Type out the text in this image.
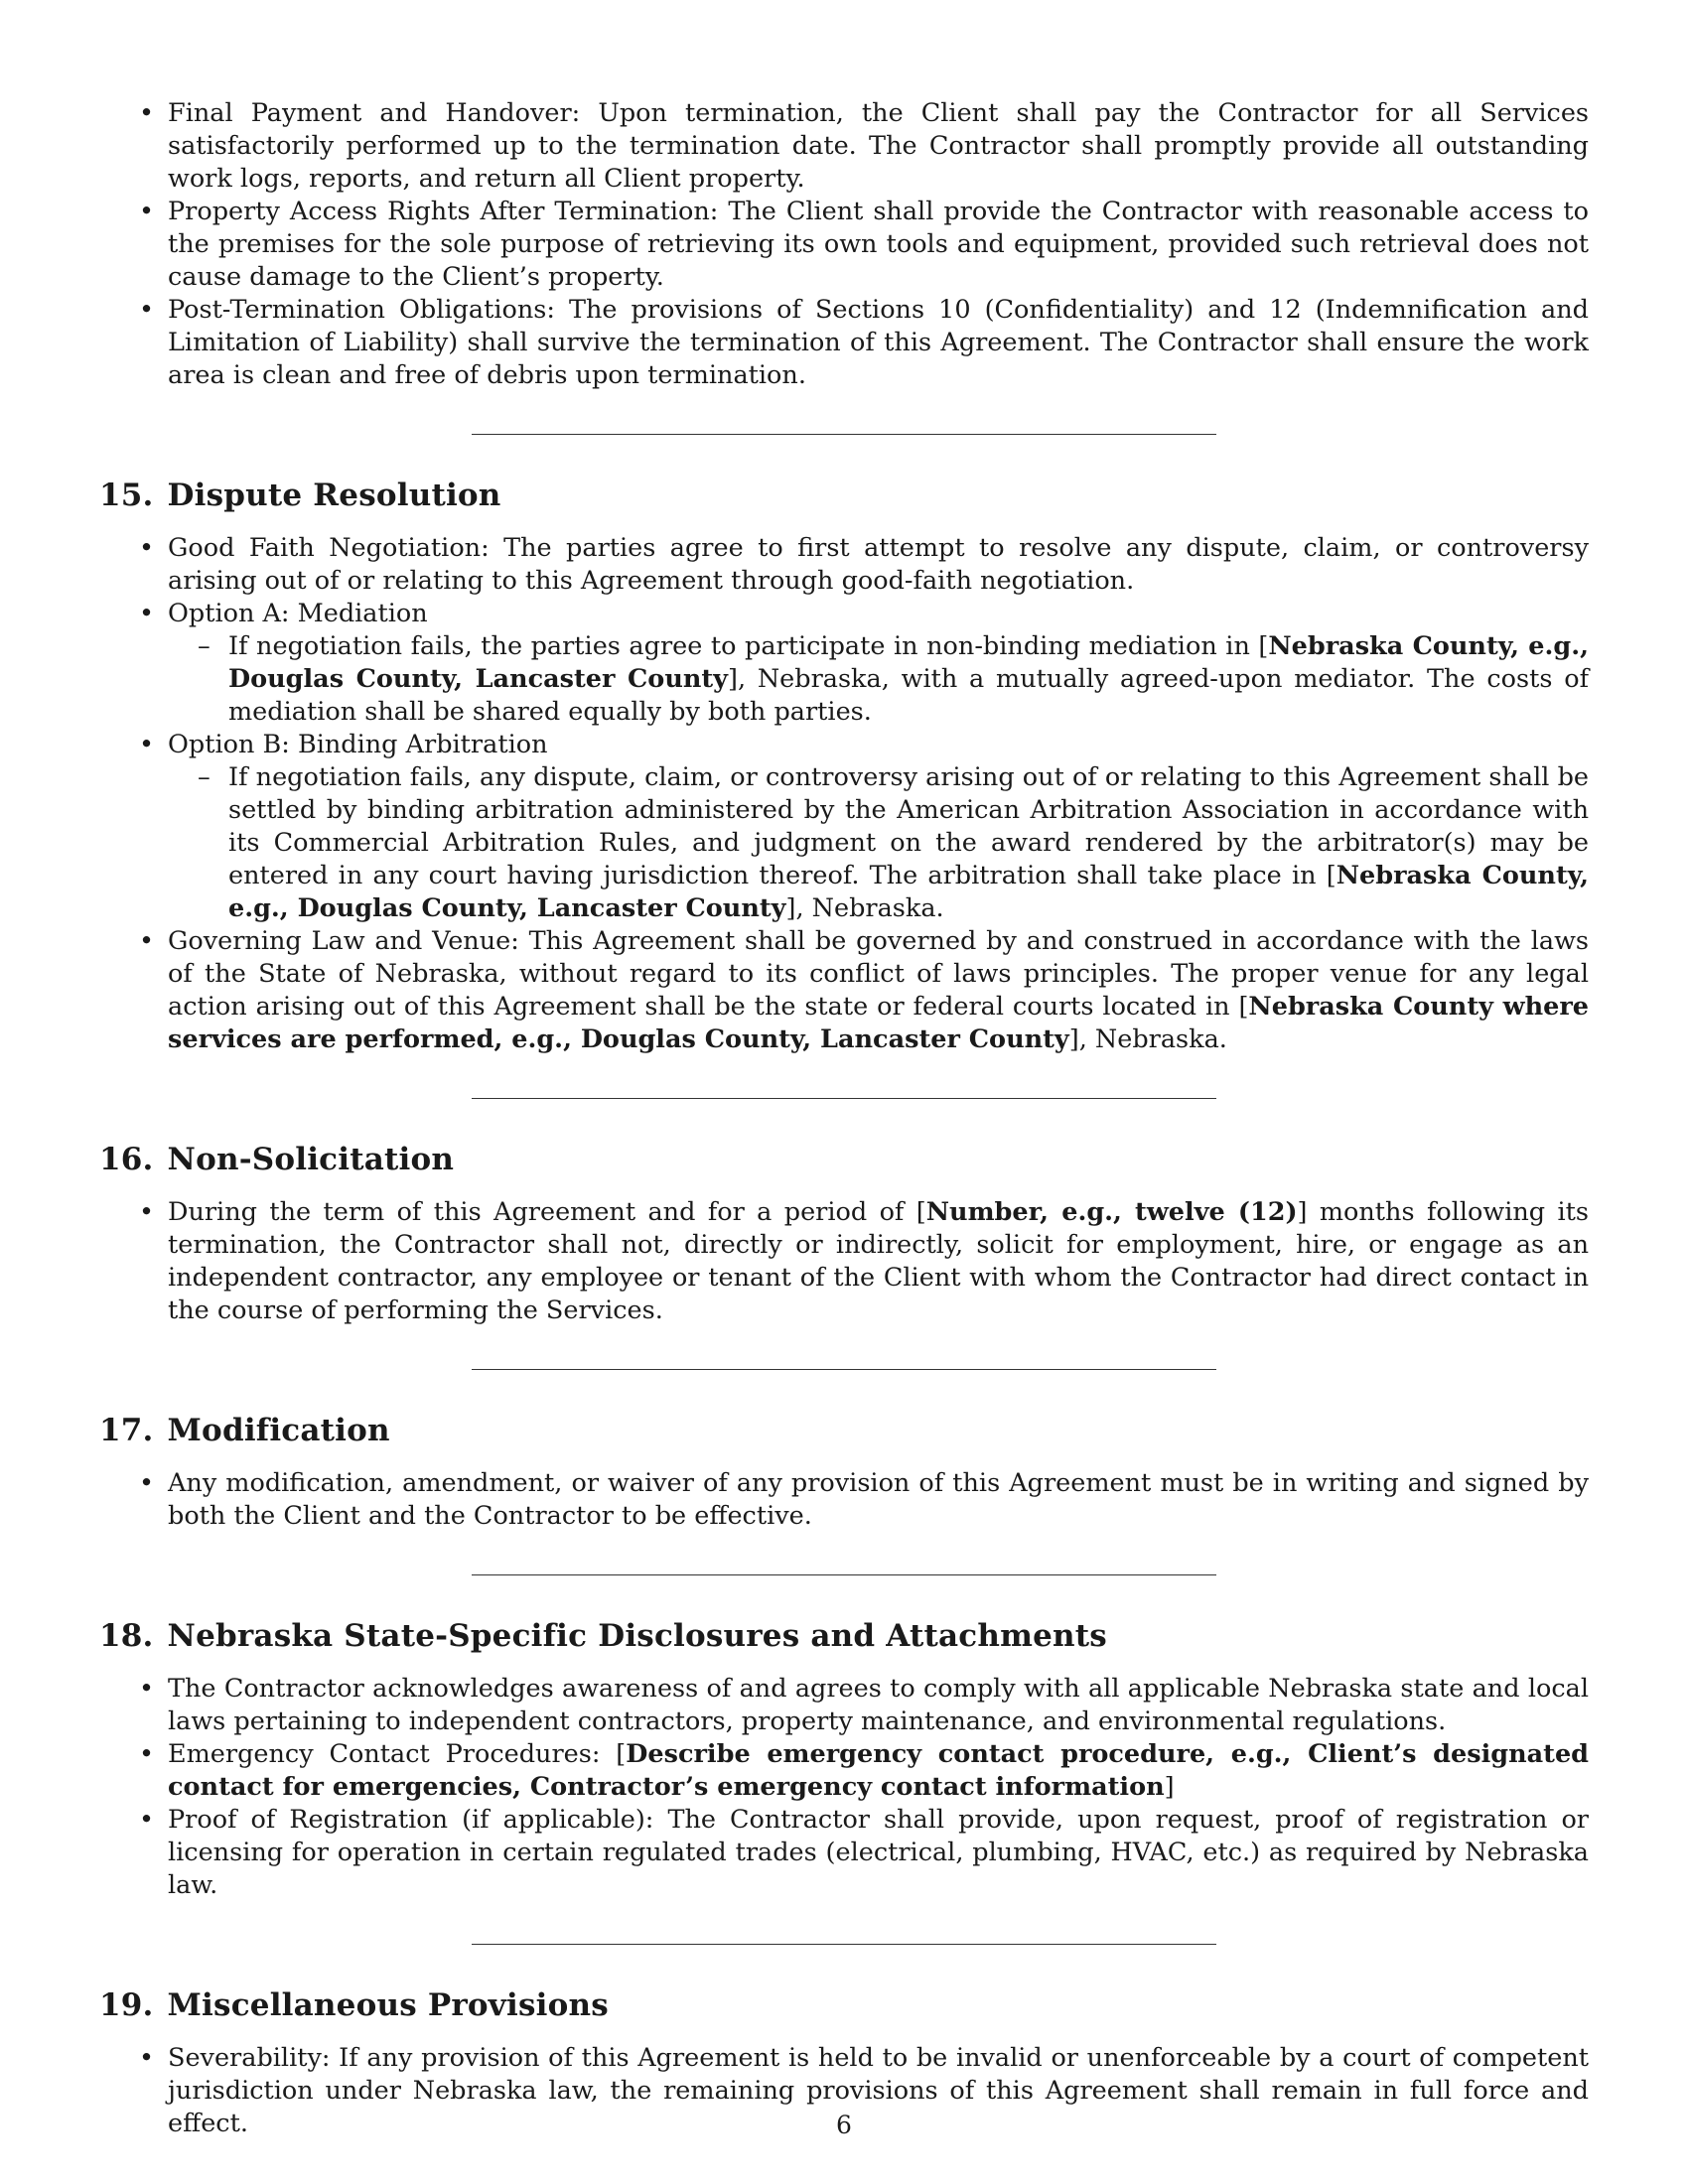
• Final Payment and Handover: Upon termination, the Client shall pay the Contractor for all Services satisfactorily performed up to the termination date. The Contractor shall promptly provide all outstanding work logs, reports, and return all Client property.
• Property Access Rights After Termination: The Client shall provide the Contractor with reasonable access to the premises for the sole purpose of retrieving its own tools and equipment, provided such retrieval does not cause damage to the Client’s property.
• Post-Termination Obligations: The provisions of Sections 10 (Confidentiality) and 12 (Indemnification and Limitation of Liability) shall survive the termination of this Agreement. The Contractor shall ensure the work area is clean and free of debris upon termination.
15. Dispute Resolution
• Good Faith Negotiation: The parties agree to first attempt to resolve any dispute, claim, or controversy arising out of or relating to this Agreement through good-faith negotiation.
• Option A: Mediation
– If negotiation fails, the parties agree to participate in non-binding mediation in [Nebraska County, e.g., Douglas County, Lancaster County], Nebraska, with a mutually agreed-upon mediator. The costs of mediation shall be shared equally by both parties.
• Option B: Binding Arbitration
– If negotiation fails, any dispute, claim, or controversy arising out of or relating to this Agreement shall be settled by binding arbitration administered by the American Arbitration Association in accordance with its Commercial Arbitration Rules, and judgment on the award rendered by the arbitrator(s) may be entered in any court having jurisdiction thereof. The arbitration shall take place in [Nebraska County, e.g., Douglas County, Lancaster County], Nebraska.
• Governing Law and Venue: This Agreement shall be governed by and construed in accordance with the laws of the State of Nebraska, without regard to its conflict of laws principles. The proper venue for any legal action arising out of this Agreement shall be the state or federal courts located in [Nebraska County where services are performed, e.g., Douglas County, Lancaster County], Nebraska.
16. Non-Solicitation
• During the term of this Agreement and for a period of [Number, e.g., twelve (12)] months following its termination, the Contractor shall not, directly or indirectly, solicit for employment, hire, or engage as an independent contractor, any employee or tenant of the Client with whom the Contractor had direct contact in the course of performing the Services.
17. Modification
• Any modification, amendment, or waiver of any provision of this Agreement must be in writing and signed by both the Client and the Contractor to be effective.
18. Nebraska State-Specific Disclosures and Attachments
• The Contractor acknowledges awareness of and agrees to comply with all applicable Nebraska state and local laws pertaining to independent contractors, property maintenance, and environmental regulations.
• Emergency Contact Procedures: [Describe emergency contact procedure, e.g., Client’s designated contact for emergencies, Contractor’s emergency contact information]
• Proof of Registration (if applicable): The Contractor shall provide, upon request, proof of registration or licensing for operation in certain regulated trades (electrical, plumbing, HVAC, etc.) as required by Nebraska law.
19. Miscellaneous Provisions
• Severability: If any provision of this Agreement is held to be invalid or unenforceable by a court of competent jurisdiction under Nebraska law, the remaining provisions of this Agreement shall remain in full force and effect.	6
